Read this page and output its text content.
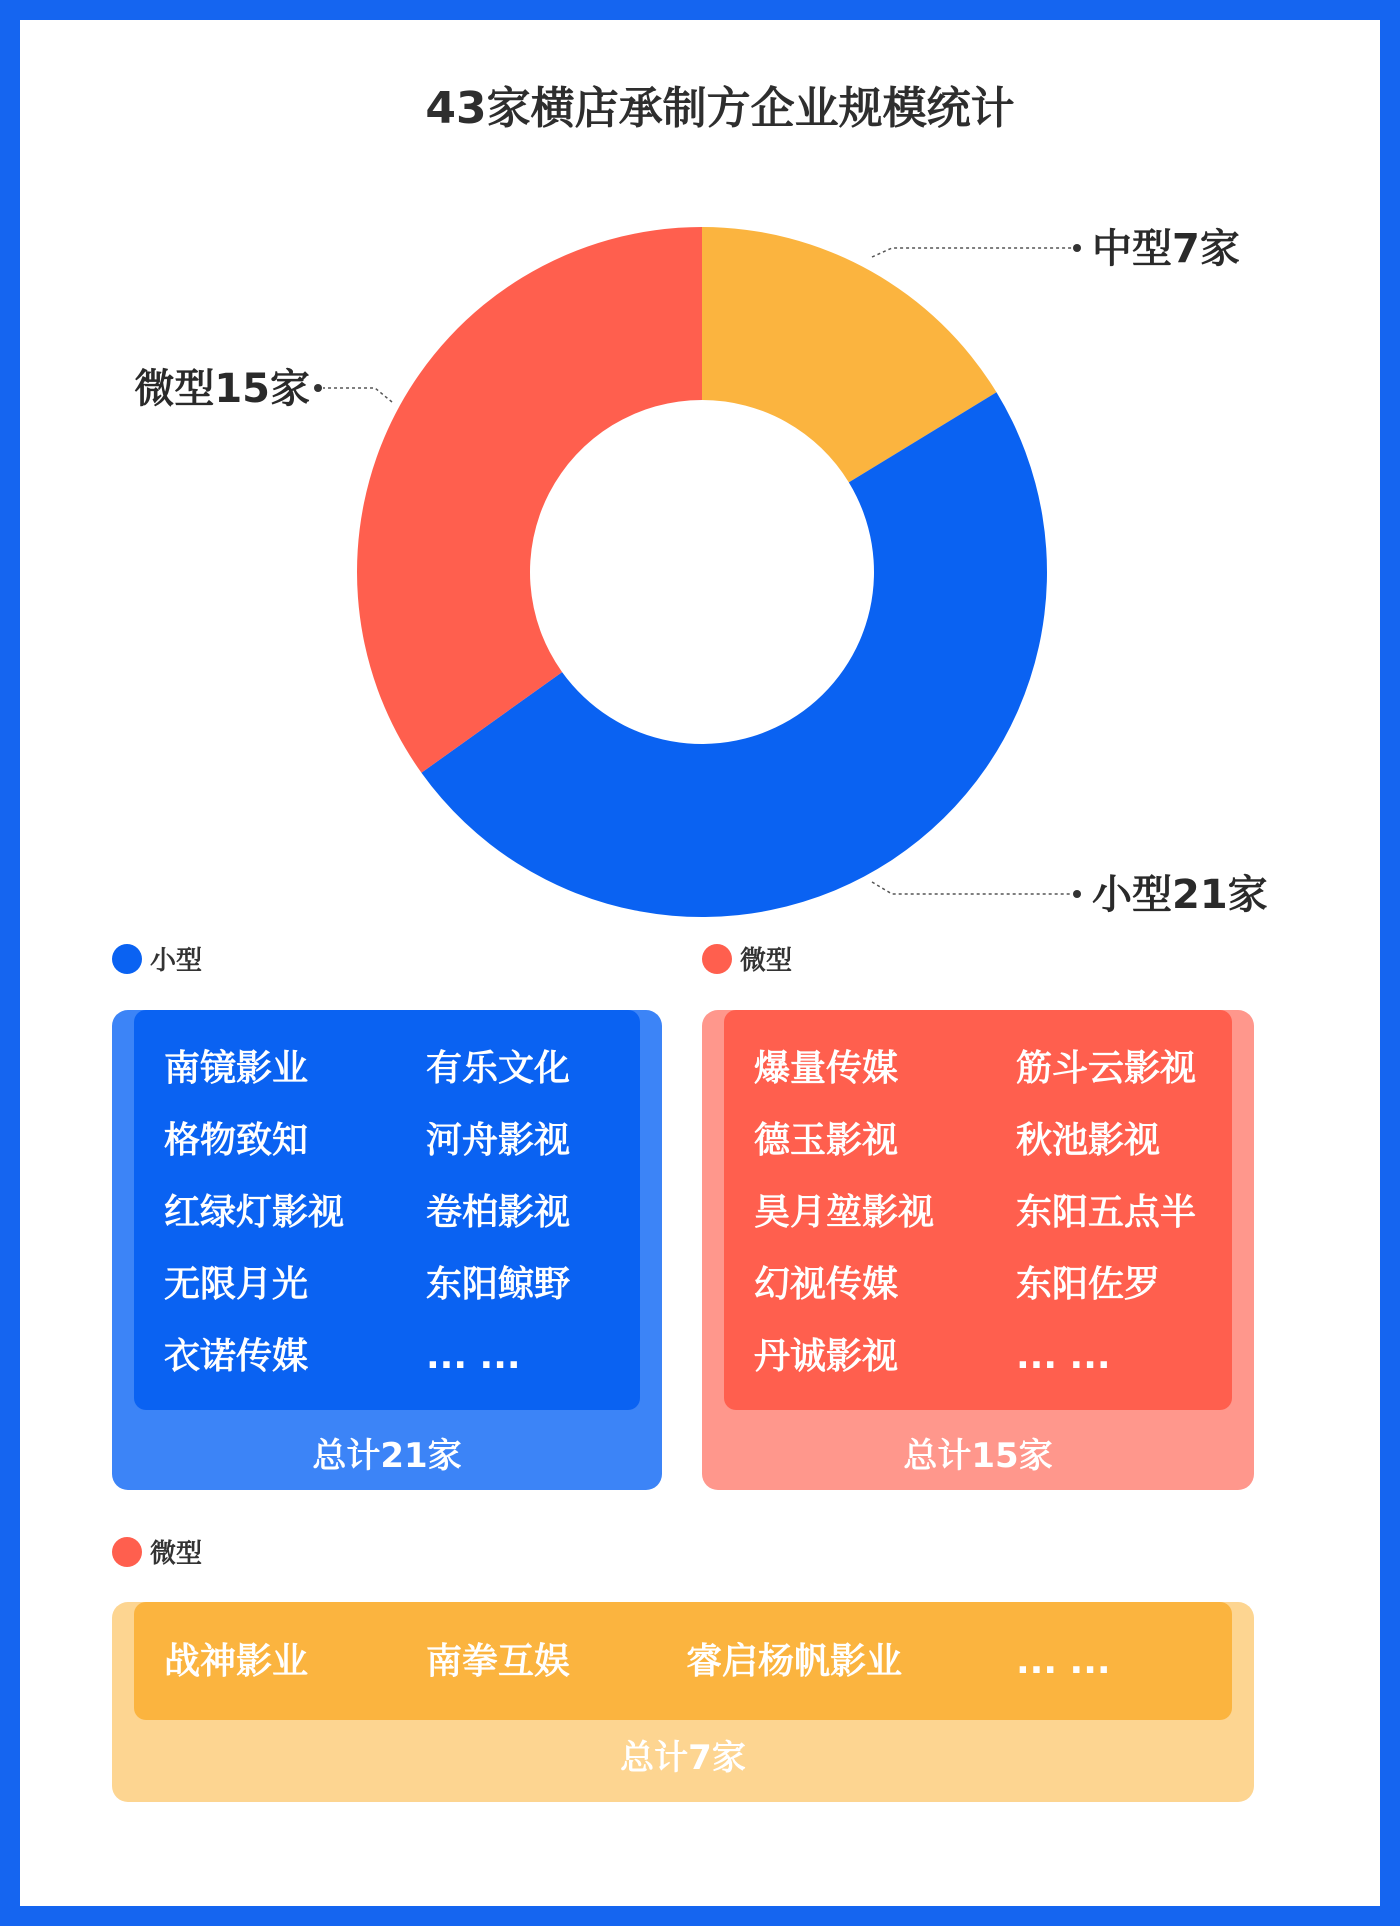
43家横店承制方企业规模统计
中型7家
小型21家
微型15家
小型
南镜影业	有乐文化
格物致知	河舟影视
红绿灯影视	卷柏影视
无限月光	东阳鲸野
衣诺传媒	... ...
总计21家
微型
爆量传媒	筋斗云影视
德玉影视	秋池影视
昊月堃影视	东阳五点半
幻视传媒	东阳佐罗
丹诚影视	... ...
总计15家
微型
战神影业	南拳互娱	睿启杨帆影业	... ...
总计7家
